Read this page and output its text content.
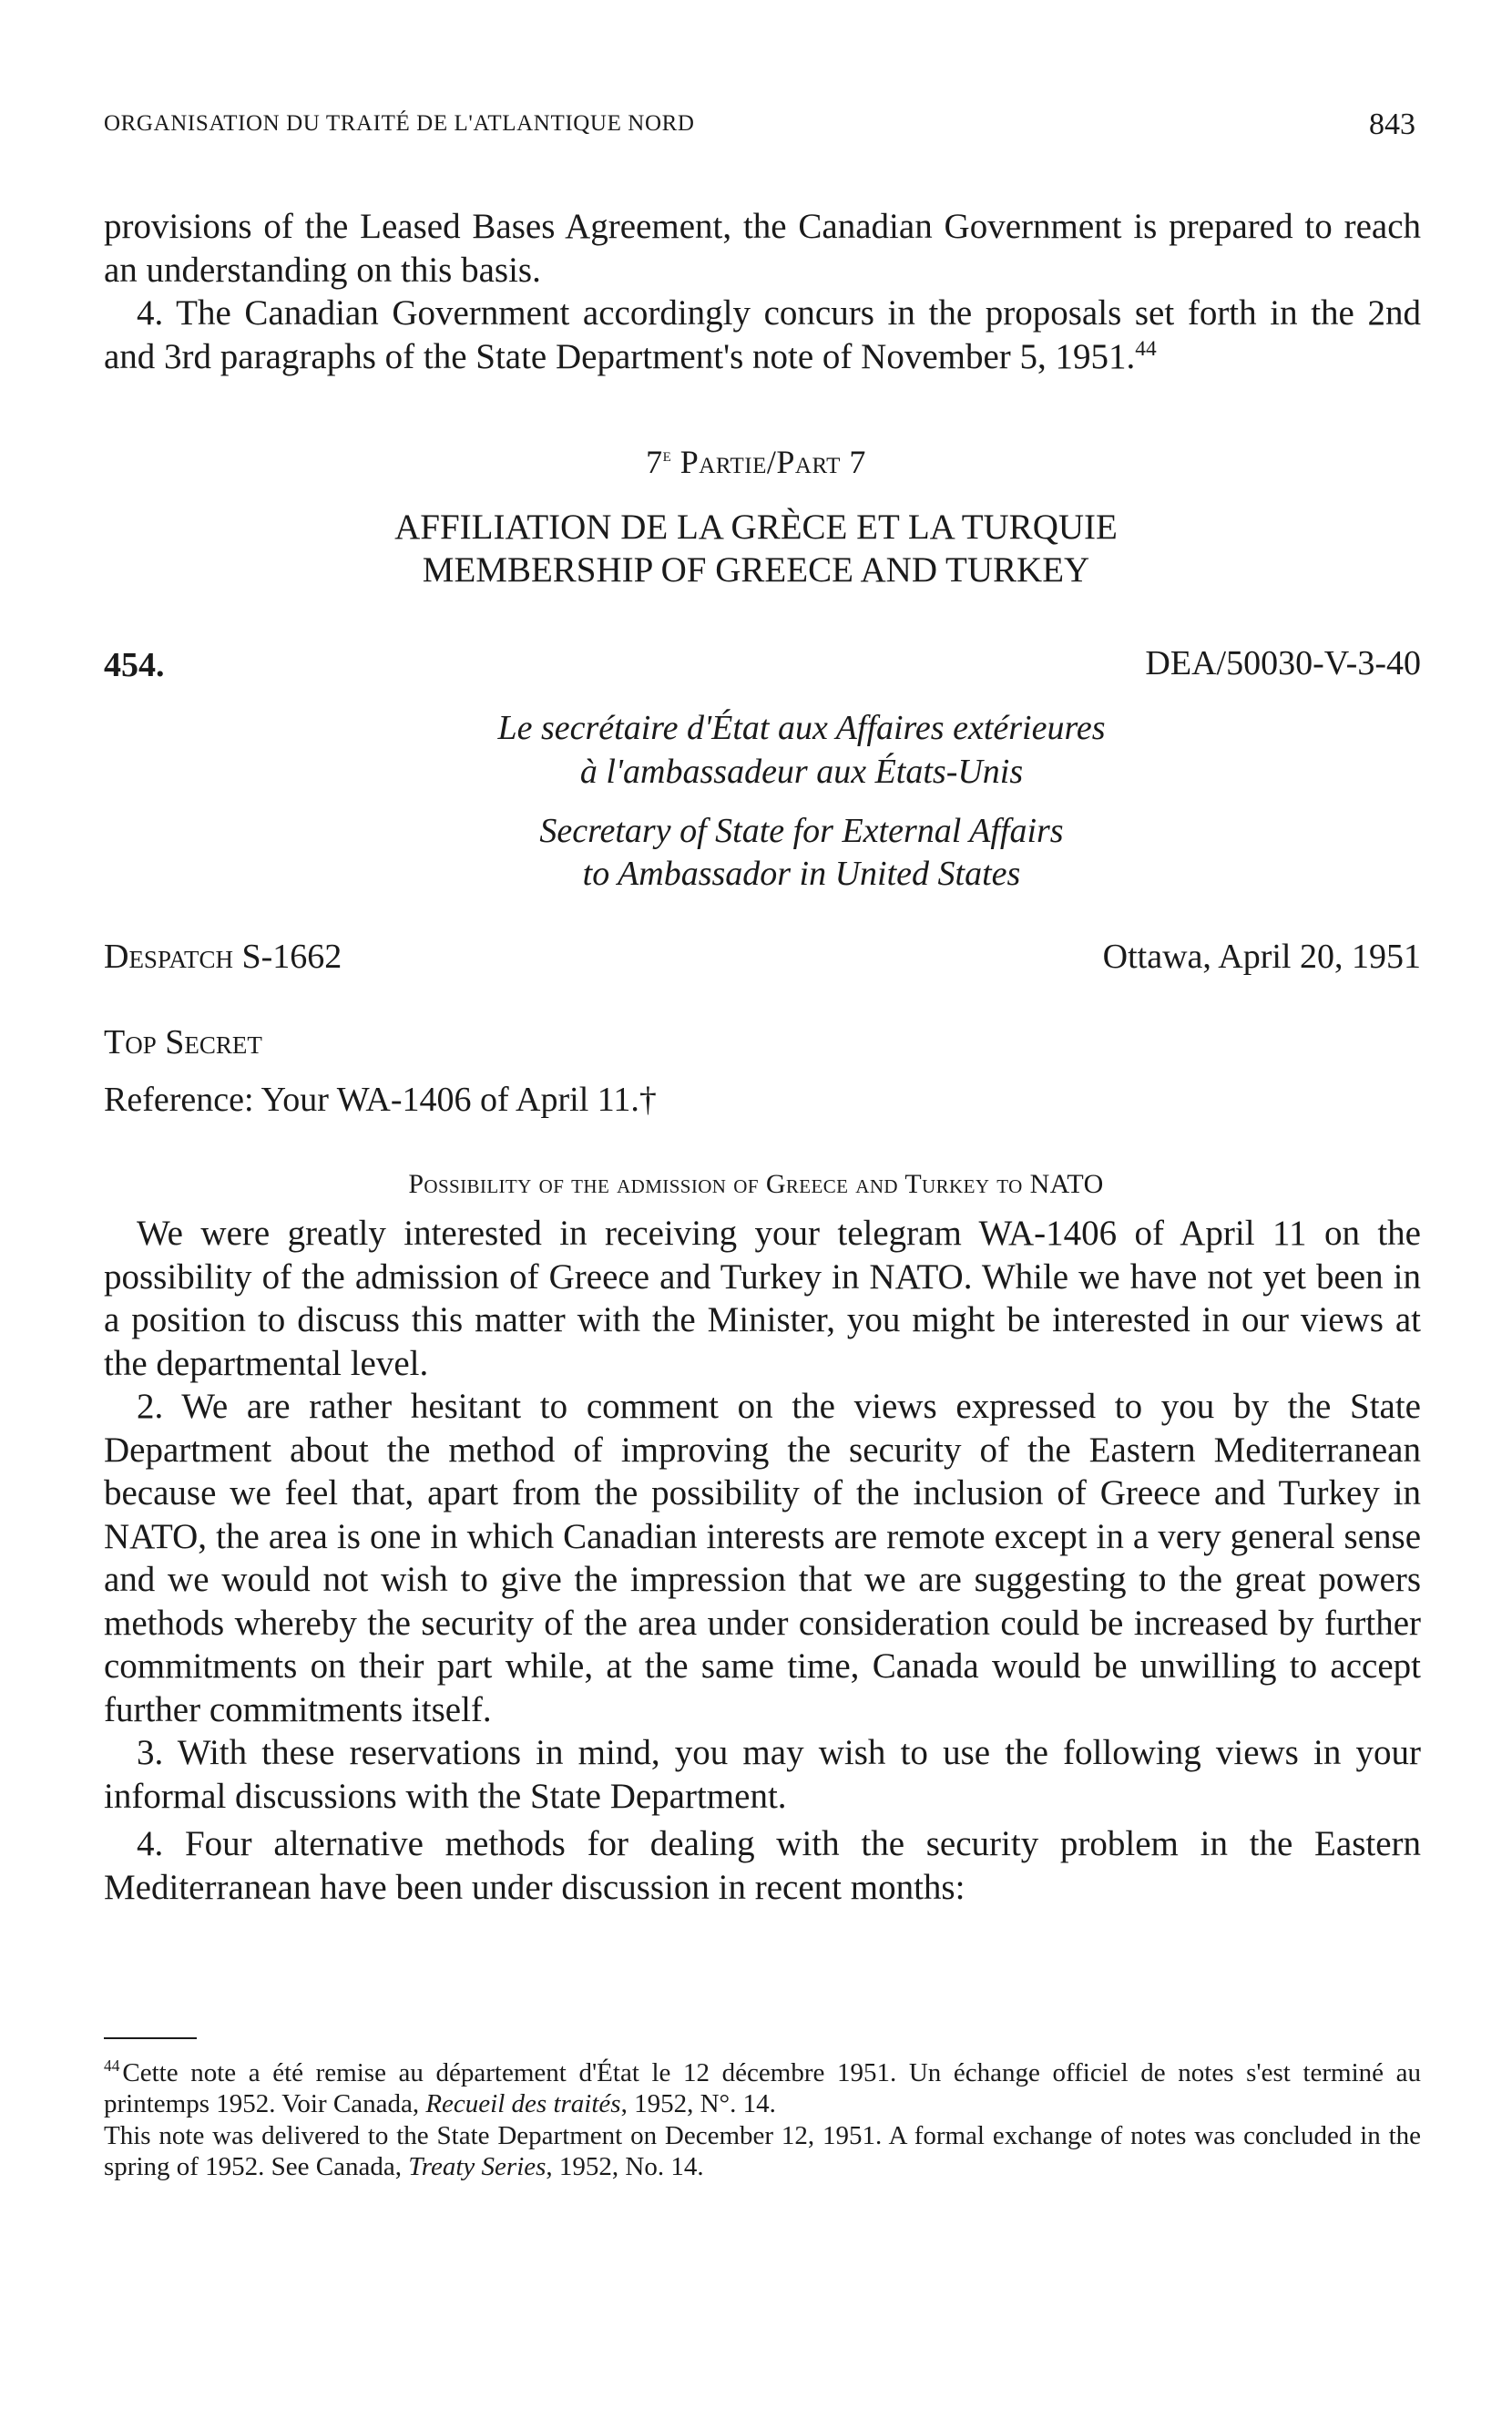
ORGANISATION DU TRAITÉ DE L'ATLANTIQUE NORD	843

provisions of the Leased Bases Agreement, the Canadian Government is prepared to reach an understanding on this basis.

4. The Canadian Government accordingly concurs in the proposals set forth in the 2nd and 3rd paragraphs of the State Department's note of November 5, 1951.44

7e Partie/Part 7
AFFILIATION DE LA GRÈCE ET LA TURQUIE
MEMBERSHIP OF GREECE AND TURKEY
454.	DEA/50030-V-3-40
Le secrétaire d'État aux Affaires extérieures
à l'ambassadeur aux États-Unis
Secretary of State for External Affairs
to Ambassador in United States
Despatch S-1662	Ottawa, April 20, 1951
Top Secret
Reference: Your WA-1406 of April 11.†
Possibility of the admission of Greece and Turkey to NATO

We were greatly interested in receiving your telegram WA-1406 of April 11 on the possibility of the admission of Greece and Turkey in NATO. While we have not yet been in a position to discuss this matter with the Minister, you might be interested in our views at the departmental level.

2. We are rather hesitant to comment on the views expressed to you by the State Department about the method of improving the security of the Eastern Mediterranean because we feel that, apart from the possibility of the inclusion of Greece and Turkey in NATO, the area is one in which Canadian interests are remote except in a very general sense and we would not wish to give the impression that we are suggesting to the great powers methods whereby the security of the area under consideration could be increased by further commitments on their part while, at the same time, Canada would be unwilling to accept further commitments itself.

3. With these reservations in mind, you may wish to use the following views in your informal discussions with the State Department.

4. Four alternative methods for dealing with the security problem in the Eastern Mediterranean have been under discussion in recent months:

$^{44}$ Cette note a été remise au département d'État le 12 décembre 1951. Un échange officiel de notes s'est terminé au printemps 1952. Voir Canada, Recueil des traités, 1952, N°. 14.

This note was delivered to the State Department on December 12, 1951. A formal exchange of notes was concluded in the spring of 1952. See Canada, Treaty Series, 1952, No. 14.
